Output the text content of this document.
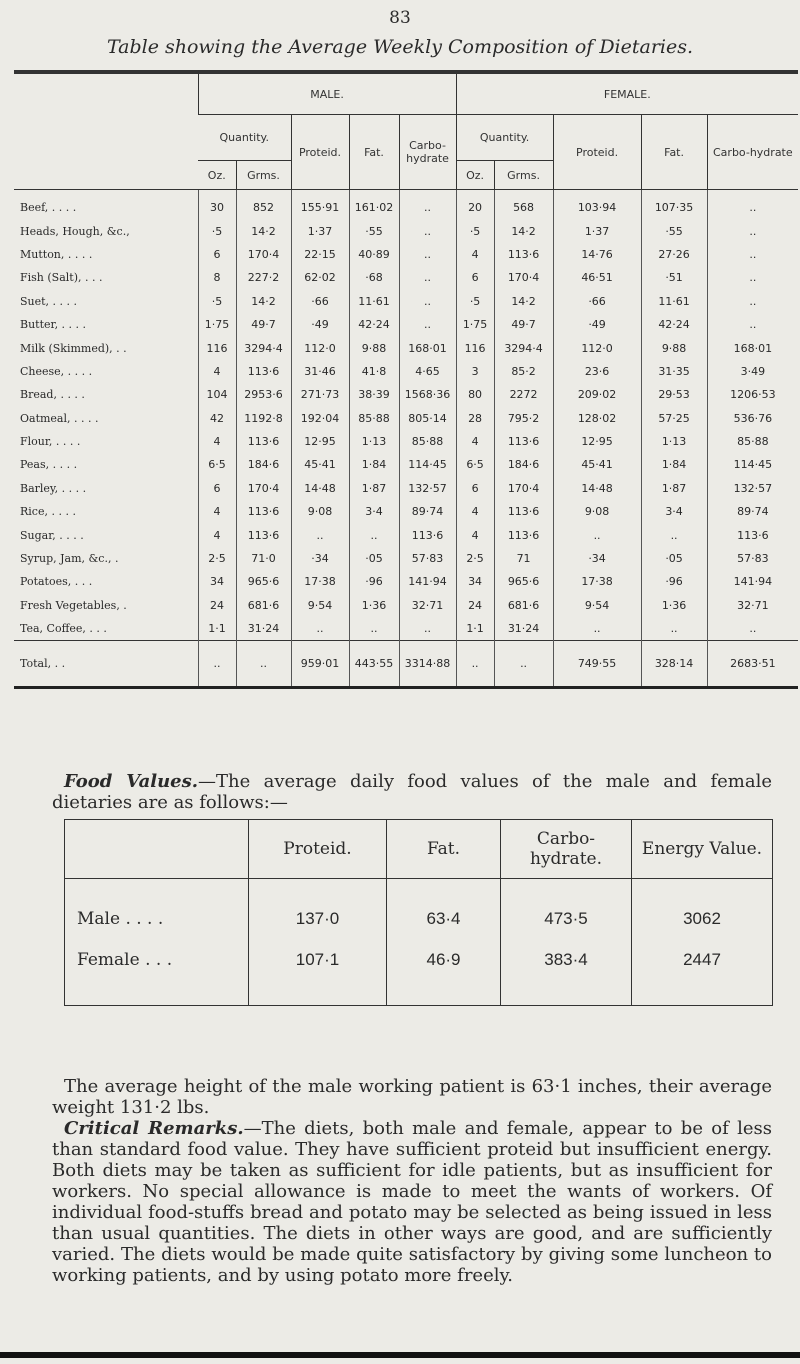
83
Table showing the Average Weekly Composition of Dietaries.
	MALE.					FEMALE.				
	Quantity.		Proteid.	Fat.	Carbo-hydrate	Quantity.		Proteid.	Fat.	Carbo-hydrate
	Oz.	Grms.				Oz.	Grms.			
Beef, . . . .	30	852	155·91	161·02	..	20	568	103·94	107·35	..
Heads, Hough, &c.,	·5	14·2	1·37	·55	..	·5	14·2	1·37	·55	..
Mutton, . . . .	6	170·4	22·15	40·89	..	4	113·6	14·76	27·26	..
Fish (Salt), . . .	8	227·2	62·02	·68	..	6	170·4	46·51	·51	..
Suet, . . . .	·5	14·2	·66	11·61	..	·5	14·2	·66	11·61	..
Butter, . . . .	1·75	49·7	·49	42·24	..	1·75	49·7	·49	42·24	..
Milk (Skimmed), . .	116	3294·4	112·0	9·88	168·01	116	3294·4	112·0	9·88	168·01
Cheese, . . . .	4	113·6	31·46	41·8	4·65	3	85·2	23·6	31·35	3·49
Bread, . . . .	104	2953·6	271·73	38·39	1568·36	80	2272	209·02	29·53	1206·53
Oatmeal, . . . .	42	1192·8	192·04	85·88	805·14	28	795·2	128·02	57·25	536·76
Flour, . . . .	4	113·6	12·95	1·13	85·88	4	113·6	12·95	1·13	85·88
Peas, . . . .	6·5	184·6	45·41	1·84	114·45	6·5	184·6	45·41	1·84	114·45
Barley, . . . .	6	170·4	14·48	1·87	132·57	6	170·4	14·48	1·87	132·57
Rice, . . . .	4	113·6	9·08	3·4	89·74	4	113·6	9·08	3·4	89·74
Sugar, . . . .	4	113·6	..	..	113·6	4	113·6	..	..	113·6
Syrup, Jam, &c., .	2·5	71·0	·34	·05	57·83	2·5	71	·34	·05	57·83
Potatoes, . . .	34	965·6	17·38	·96	141·94	34	965·6	17·38	·96	141·94
Fresh Vegetables, .	24	681·6	9·54	1·36	32·71	24	681·6	9·54	1·36	32·71
Tea, Coffee, . . .	1·1	31·24	..	..	..	1·1	31·24	..	..	..
Total, . .	..	..	959·01	443·55	3314·88	..	..	749·55	328·14	2683·51
Food Values.—The average daily food values of the male and female dietaries are as follows:—
	Proteid.	Fat.	Carbo-hydrate.	Energy Value.
Male . . . .	137·0	63·4	473·5	3062
Female . . .	107·1	46·9	383·4	2447
The average height of the male working patient is 63·1 inches, their average weight 131·2 lbs.
Critical Remarks.—The diets, both male and female, appear to be of less than standard food value. They have sufficient proteid but insufficient energy. Both diets may be taken as sufficient for idle patients, but as insufficient for workers. No special allowance is made to meet the wants of workers. Of individual food-stuffs bread and potato may be selected as being issued in less than usual quantities. The diets in other ways are good, and are sufficiently varied. The diets would be made quite satisfactory by giving some luncheon to working patients, and by using potato more freely.
